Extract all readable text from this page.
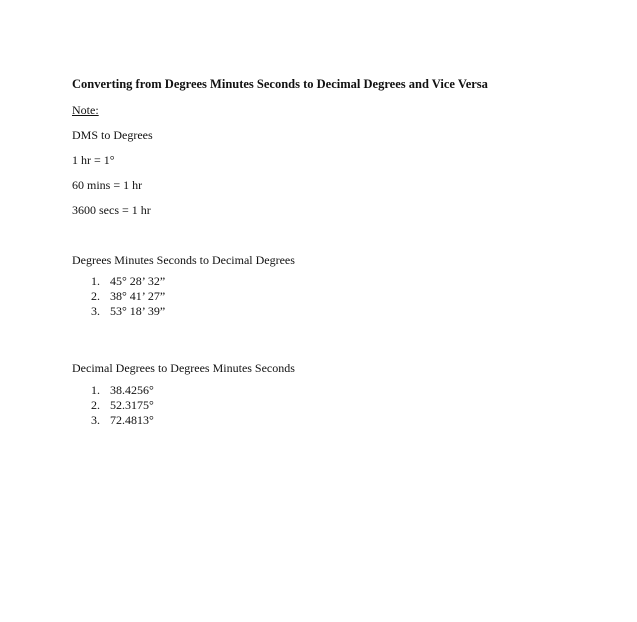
Converting from Degrees Minutes Seconds to Decimal Degrees and Vice Versa
Note:
DMS to Degrees
1 hr = 1°
60 mins = 1 hr
3600 secs = 1 hr
Degrees Minutes Seconds to Decimal Degrees
1. 45° 28’ 32”
2. 38° 41’ 27”
3. 53° 18’ 39”
Decimal Degrees to Degrees Minutes Seconds
1. 38.4256°
2. 52.3175°
3. 72.4813°
